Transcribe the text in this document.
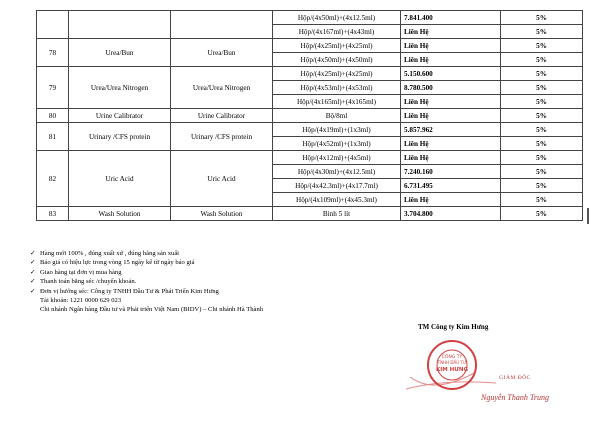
			Hộp/(4x50ml)+(4x12.5ml)	7.841.400	5%
			Hộp/(4x167ml)+(4x43ml)	Liên Hệ	5%
78	Urea/Bun	Urea/Bun	Hộp/(4x25ml)+(4x25ml)	Liên Hệ	5%
			Hộp/(4x50ml)+(4x50ml)	Liên Hệ	5%
79	Urea/Urea Nitrogen	Urea/Urea Nitrogen	Hộp/(4x25ml)+(4x25ml)	5.150.600	5%
			Hộp/(4x53ml)+(4x53ml)	8.780.500	5%
			Hộp/(4x165ml)+(4x165ml)	Liên Hệ	5%
80	Urine Calibrator	Urine Calibrator	Bộ/8ml	Liên Hệ	5%
81	Urinary /CFS protein	Urinary /CFS protein	Hộp/(4x19ml)+(1x3ml)	5.857.962	5%
			Hộp/(4x52ml)+(1x3ml)	Liên Hệ	5%
82	Uric Acid	Uric Acid	Hộp/(4x12ml)+(4x5ml)	Liên Hệ	5%
			Hộp/(4x30ml)+(4x12.5ml)	7.240.160	5%
			Hộp/(4x42.3ml)+(4x17.7ml)	6.731.495	5%
			Hộp/(4x109ml)+(4x45.3ml)	Liên Hệ	5%
83	Wash Solution	Wash Solution	Bình 5 lít	3.704.800	5%
✓ Hàng mới 100% , đúng xuất xứ , đúng hãng sản xuất
✓ Báo giá có hiệu lực trong vòng 15 ngày kể từ ngày báo giá
✓ Giao hàng tại đơn vị mua hàng
✓ Thanh toán bằng séc /chuyển khoản.
✓ Đơn vị hưởng séc: Công ty TNHH Đầu Tư & Phát Triển Kim Hưng
Tài khoản: 1221 0000 629 023
Chi nhánh Ngân hàng Đầu tư và Phát triển Việt Nam (BIDV) – Chi nhánh Hà Thành
TM Công ty Kim Hưng
CÔNG TY
TNHH ĐẦU TƯ
KIM HƯNG
GIÁM ĐỐC
Nguyễn Thanh Trung
